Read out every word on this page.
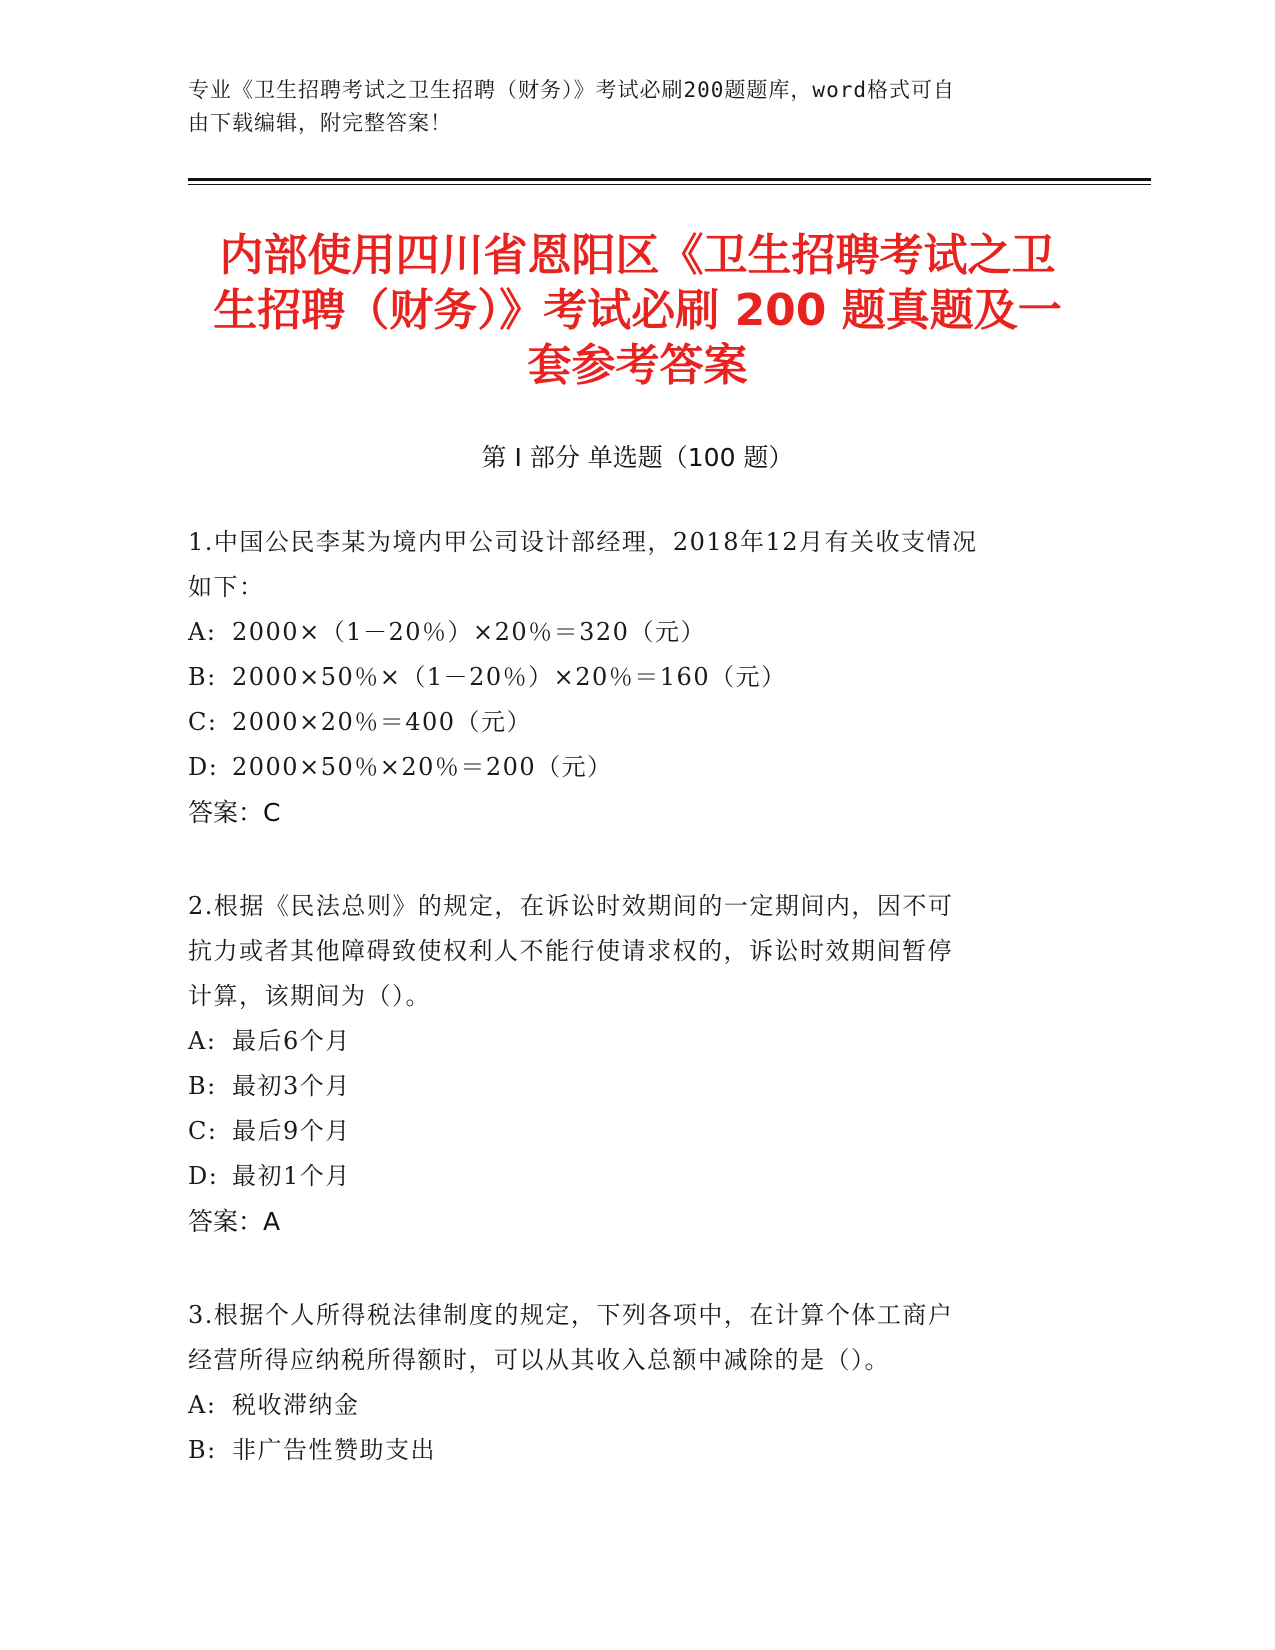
专业《卫生招聘考试之卫生招聘（财务）》考试必刷200题题库，word格式可自
由下载编辑，附完整答案！
内部使用四川省恩阳区《卫生招聘考试之卫
生招聘（财务）》考试必刷 200 题真题及一
套参考答案
第 I 部分 单选题（100 题）
1.中国公民李某为境内甲公司设计部经理，2018年12月有关收支情况
如下：
A: 2000×（1－20％）×20％＝320（元）
B: 2000×50％×（1－20％）×20％＝160（元）
C: 2000×20％＝400（元）
D: 2000×50％×20％＝200（元）
答案：C
2.根据《民法总则》的规定，在诉讼时效期间的一定期间内，因不可
抗力或者其他障碍致使权利人不能行使请求权的，诉讼时效期间暂停
计算，该期间为（）。
A: 最后6个月
B: 最初3个月
C: 最后9个月
D: 最初1个月
答案：A
3.根据个人所得税法律制度的规定，下列各项中，在计算个体工商户
经营所得应纳税所得额时，可以从其收入总额中减除的是（）。
A: 税收滞纳金
B: 非广告性赞助支出
